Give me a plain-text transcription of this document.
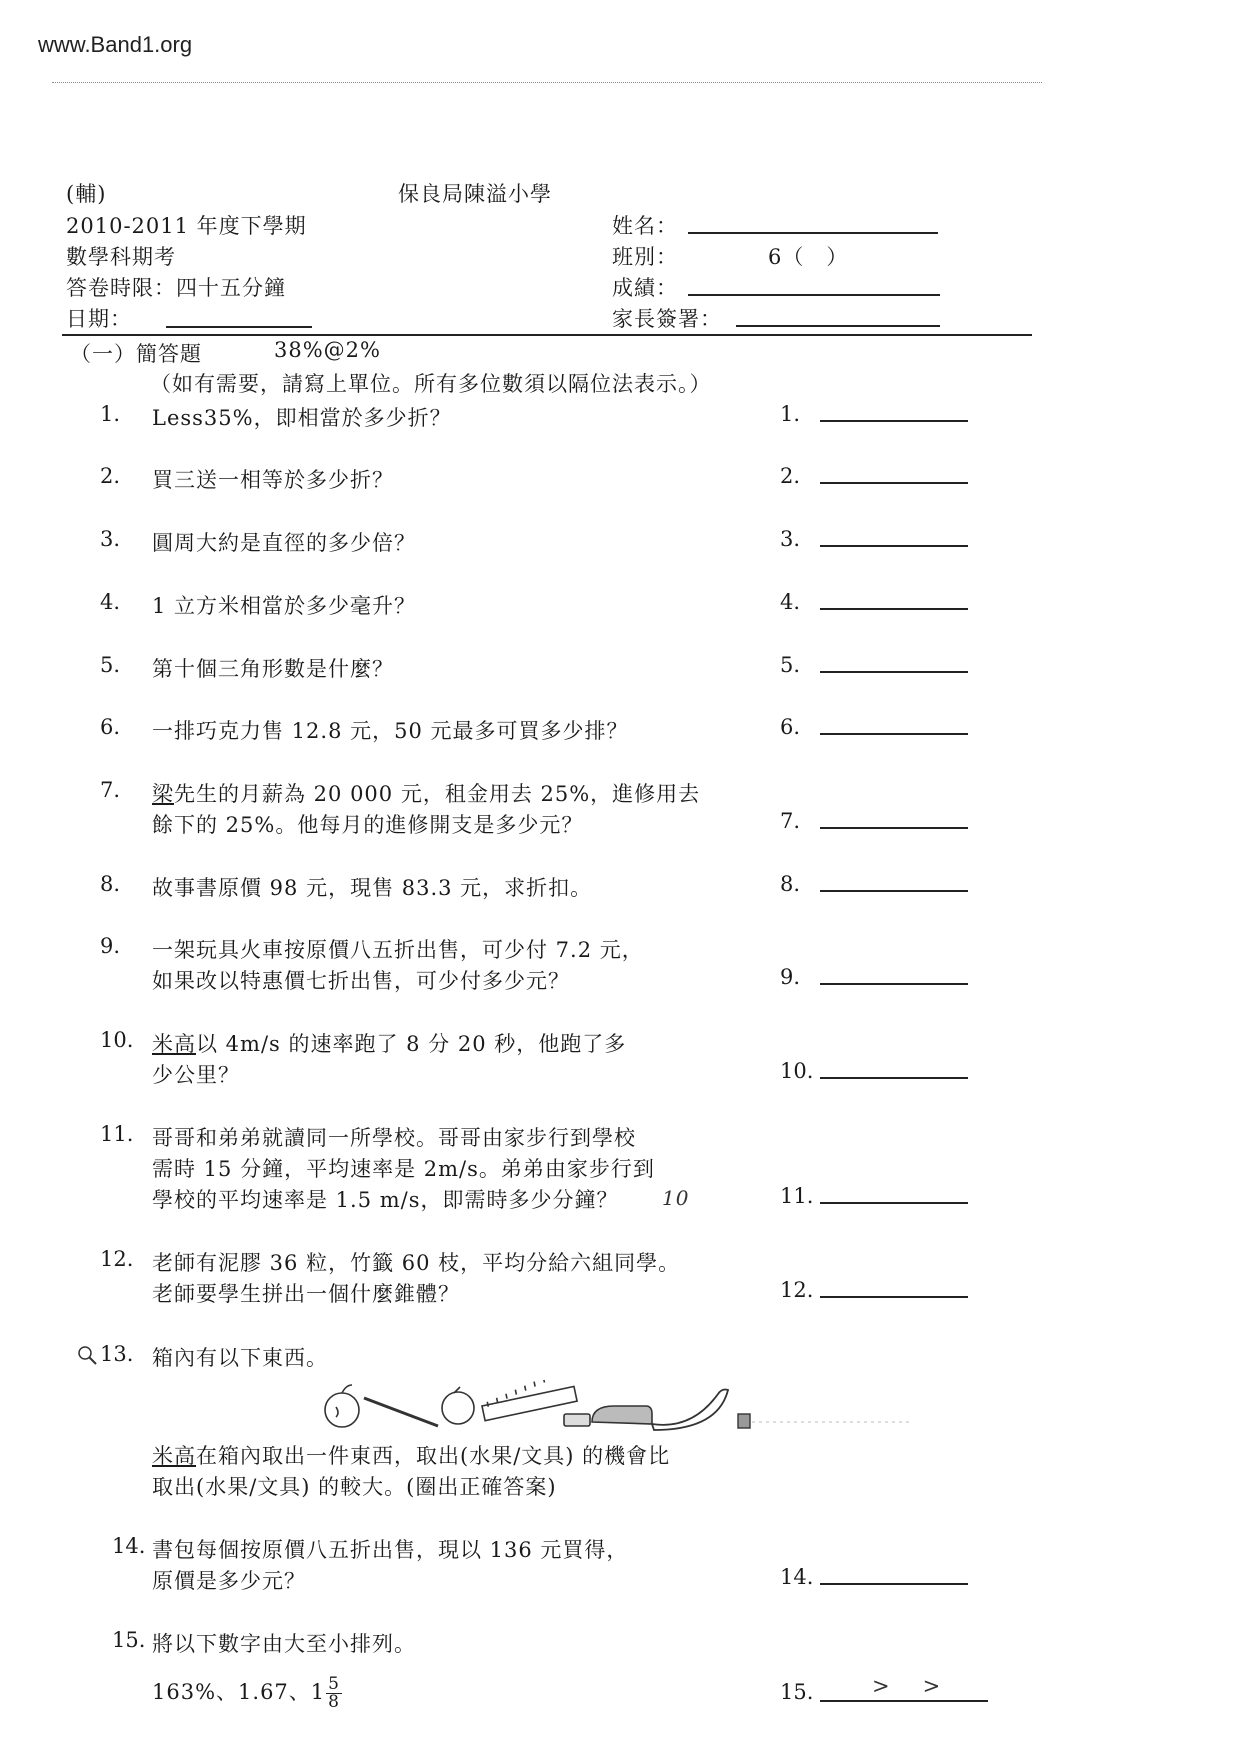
www.Band1.org
(輔)	保良局陳溢小學
2010-2011 年度下學期
數學科期考
答卷時限：四十五分鐘
日期：
姓名：
班別：	6（　）
成績：
家長簽署：
（一）簡答題	38%@2%
（如有需要，請寫上單位。所有多位數須以隔位法表示。）
1. Less35%，即相當於多少折？	1.
2. 買三送一相等於多少折？	2.
3. 圓周大約是直徑的多少倍？	3.
4. 1 立方米相當於多少毫升？	4.
5. 第十個三角形數是什麼？	5.
6. 一排巧克力售 12.8 元，50 元最多可買多少排？	6.
7. 梁先生的月薪為 20 000 元，租金用去 25%，進修用去
餘下的 25%。他每月的進修開支是多少元？	7.
8. 故事書原價 98 元，現售 83.3 元，求折扣。	8.
9. 一架玩具火車按原價八五折出售，可少付 7.2 元，
如果改以特惠價七折出售，可少付多少元？	9.
10. 米高以 4m/s 的速率跑了 8 分 20 秒，他跑了多
少公里？	10.
11. 哥哥和弟弟就讀同一所學校。哥哥由家步行到學校
需時 15 分鐘，平均速率是 2m/s。弟弟由家步行到
學校的平均速率是 1.5 m/s，即需時多少分鐘？ 10	11.
12. 老師有泥膠 36 粒，竹籤 60 枝，平均分給六組同學。
老師要學生拼出一個什麼錐體？	12.
13. 箱內有以下東西。
米高在箱內取出一件東西，取出(水果/文具) 的機會比
取出(水果/文具) 的較大。(圈出正確答案)
14. 書包每個按原價八五折出售，現以 136 元買得，
原價是多少元？	14.
15. 將以下數字由大至小排列。
163%、1.67、$1 \frac{5}{8}$	15.	>　>
